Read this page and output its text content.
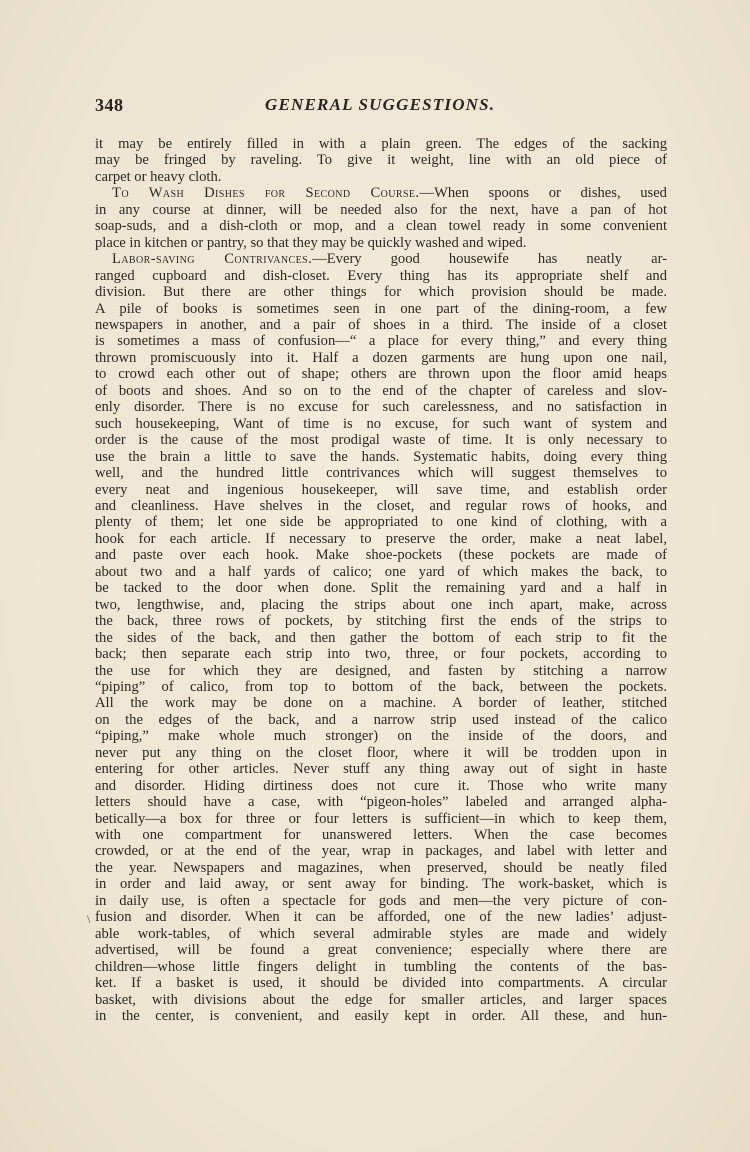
348	GENERAL SUGGESTIONS.
it may be entirely filled in with a plain green. The edges of the sacking
may be fringed by raveling. To give it weight, line with an old piece of
carpet or heavy cloth.
To Wash Dishes for Second Course.—When spoons or dishes, used
in any course at dinner, will be needed also for the next, have a pan of hot
soap-suds, and a dish-cloth or mop, and a clean towel ready in some convenient
place in kitchen or pantry, so that they may be quickly washed and wiped.
Labor-saving Contrivances.—Every good housewife has neatly ar-
ranged cupboard and dish-closet. Every thing has its appropriate shelf and
division. But there are other things for which provision should be made.
A pile of books is sometimes seen in one part of the dining-room, a few
newspapers in another, and a pair of shoes in a third. The inside of a closet
is sometimes a mass of confusion—“ a place for every thing,” and every thing
thrown promiscuously into it. Half a dozen garments are hung upon one nail,
to crowd each other out of shape; others are thrown upon the floor amid heaps
of boots and shoes. And so on to the end of the chapter of careless and slov-
enly disorder. There is no excuse for such carelessness, and no satisfaction in
such housekeeping, Want of time is no excuse, for such want of system and
order is the cause of the most prodigal waste of time. It is only necessary to
use the brain a little to save the hands. Systematic habits, doing every thing
well, and the hundred little contrivances which will suggest themselves to
every neat and ingenious housekeeper, will save time, and establish order
and cleanliness. Have shelves in the closet, and regular rows of hooks, and
plenty of them; let one side be appropriated to one kind of clothing, with a
hook for each article. If necessary to preserve the order, make a neat label,
and paste over each hook. Make shoe-pockets (these pockets are made of
about two and a half yards of calico; one yard of which makes the back, to
be tacked to the door when done. Split the remaining yard and a half in
two, lengthwise, and, placing the strips about one inch apart, make, across
the back, three rows of pockets, by stitching first the ends of the strips to
the sides of the back, and then gather the bottom of each strip to fit the
back; then separate each strip into two, three, or four pockets, according to
the use for which they are designed, and fasten by stitching a narrow
“piping” of calico, from top to bottom of the back, between the pockets.
All the work may be done on a machine. A border of leather, stitched
on the edges of the back, and a narrow strip used instead of the calico
“piping,” make whole much stronger) on the inside of the doors, and
never put any thing on the closet floor, where it will be trodden upon in
entering for other articles. Never stuff any thing away out of sight in haste
and disorder. Hiding dirtiness does not cure it. Those who write many
letters should have a case, with “pigeon-holes” labeled and arranged alpha-
betically—a box for three or four letters is sufficient—in which to keep them,
with one compartment for unanswered letters. When the case becomes
crowded, or at the end of the year, wrap in packages, and label with letter and
the year. Newspapers and magazines, when preserved, should be neatly filed
in order and laid away, or sent away for binding. The work-basket, which is
in daily use, is often a spectacle for gods and men—the very picture of con-
fusion and disorder. When it can be afforded, one of the new ladies’ adjust-
able work-tables, of which several admirable styles are made and widely
advertised, will be found a great convenience; especially where there are
children—whose little fingers delight in tumbling the contents of the bas-
ket. If a basket is used, it should be divided into compartments. A circular
basket, with divisions about the edge for smaller articles, and larger spaces
in the center, is convenient, and easily kept in order. All these, and hun-
\
